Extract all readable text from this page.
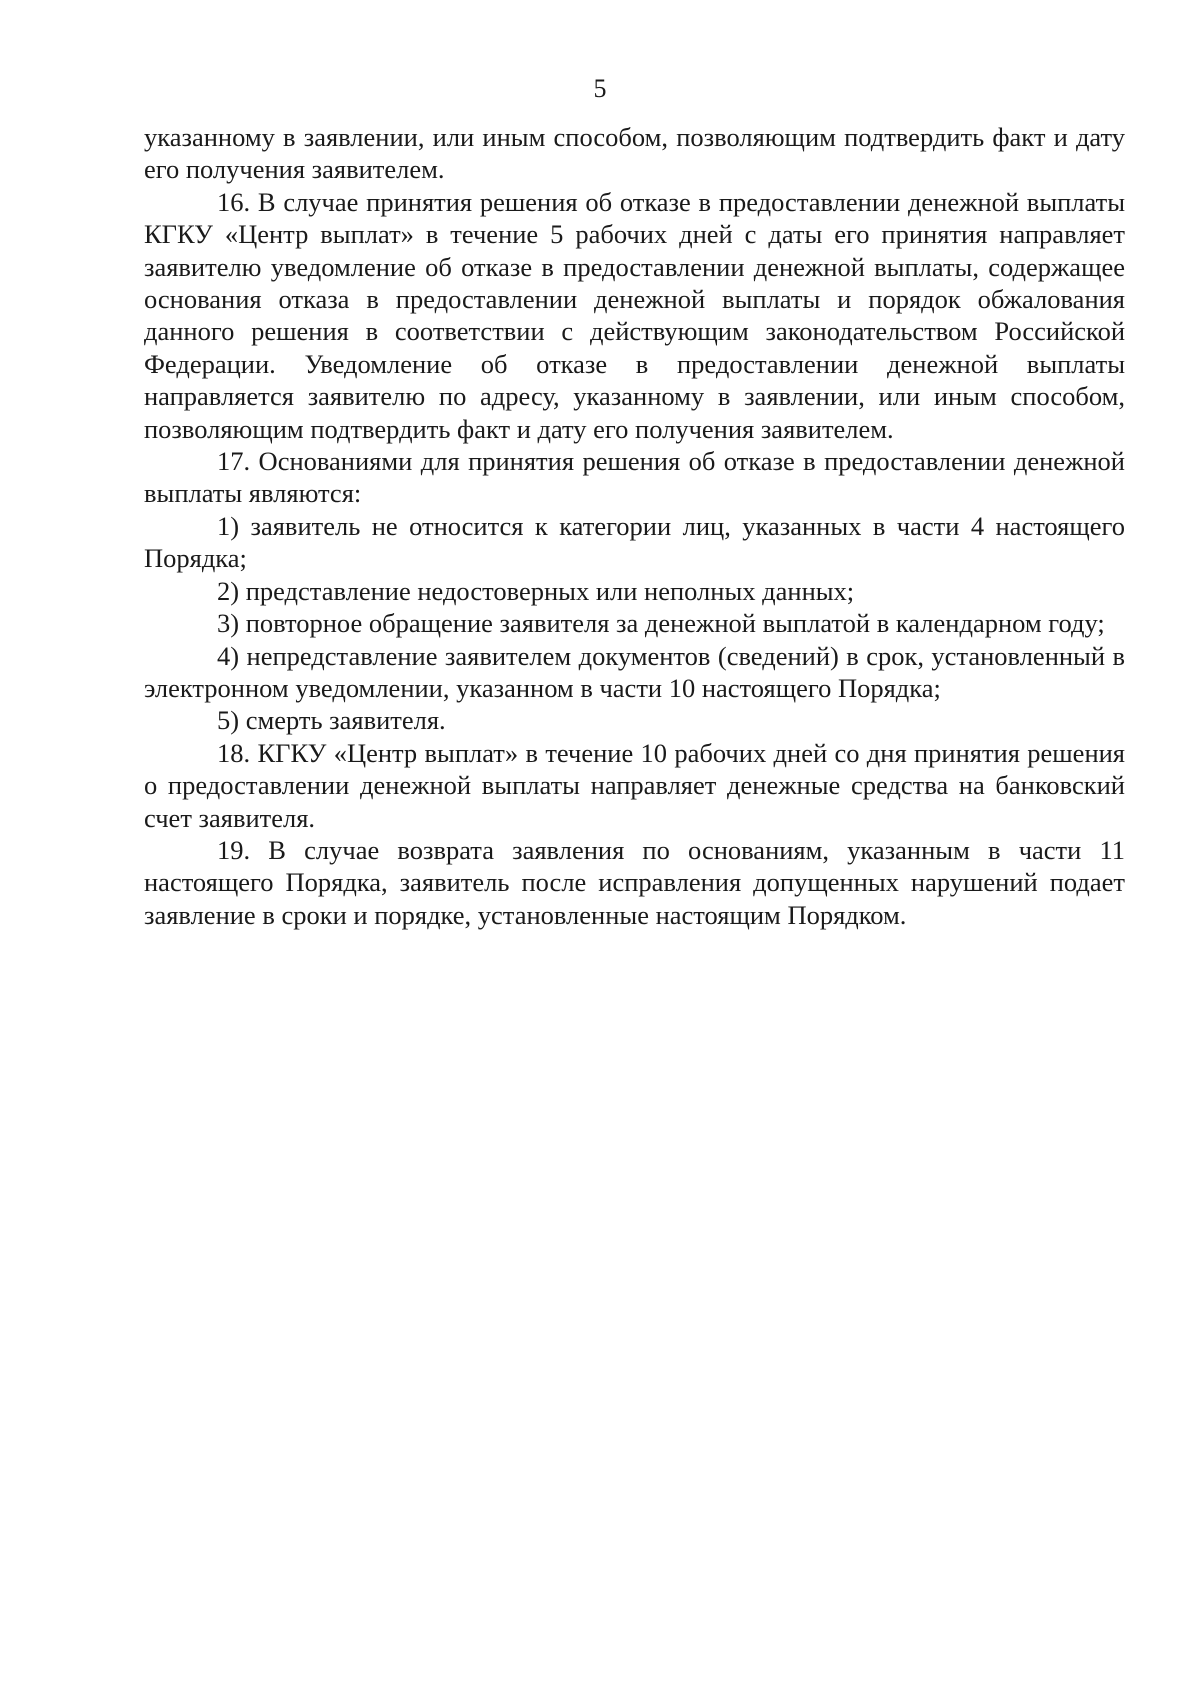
5

указанному в заявлении, или иным способом, позволяющим подтвердить факт и дату его получения заявителем.

16. В случае принятия решения об отказе в предоставлении денежной выплаты КГКУ «Центр выплат» в течение 5 рабочих дней с даты его принятия направляет заявителю уведомление об отказе в предоставлении денежной выплаты, содержащее основания отказа в предоставлении денежной выплаты и порядок обжалования данного решения в соответствии с действующим законодательством Российской Федерации. Уведомление об отказе в предоставлении денежной выплаты направляется заявителю по адресу, указанному в заявлении, или иным способом, позволяющим подтвердить факт и дату его получения заявителем.

17. Основаниями для принятия решения об отказе в предоставлении денежной выплаты являются:

1) заявитель не относится к категории лиц, указанных в части 4 настоящего Порядка;

2) представление недостоверных или неполных данных;

3) повторное обращение заявителя за денежной выплатой в календарном году;

4) непредставление заявителем документов (сведений) в срок, установленный в электронном уведомлении, указанном в части 10 настоящего Порядка;

5) смерть заявителя.

18. КГКУ «Центр выплат» в течение 10 рабочих дней со дня принятия решения о предоставлении денежной выплаты направляет денежные средства на банковский счет заявителя.

19. В случае возврата заявления по основаниям, указанным в части 11 настоящего Порядка, заявитель после исправления допущенных нарушений подает заявление в сроки и порядке, установленные настоящим Порядком.
